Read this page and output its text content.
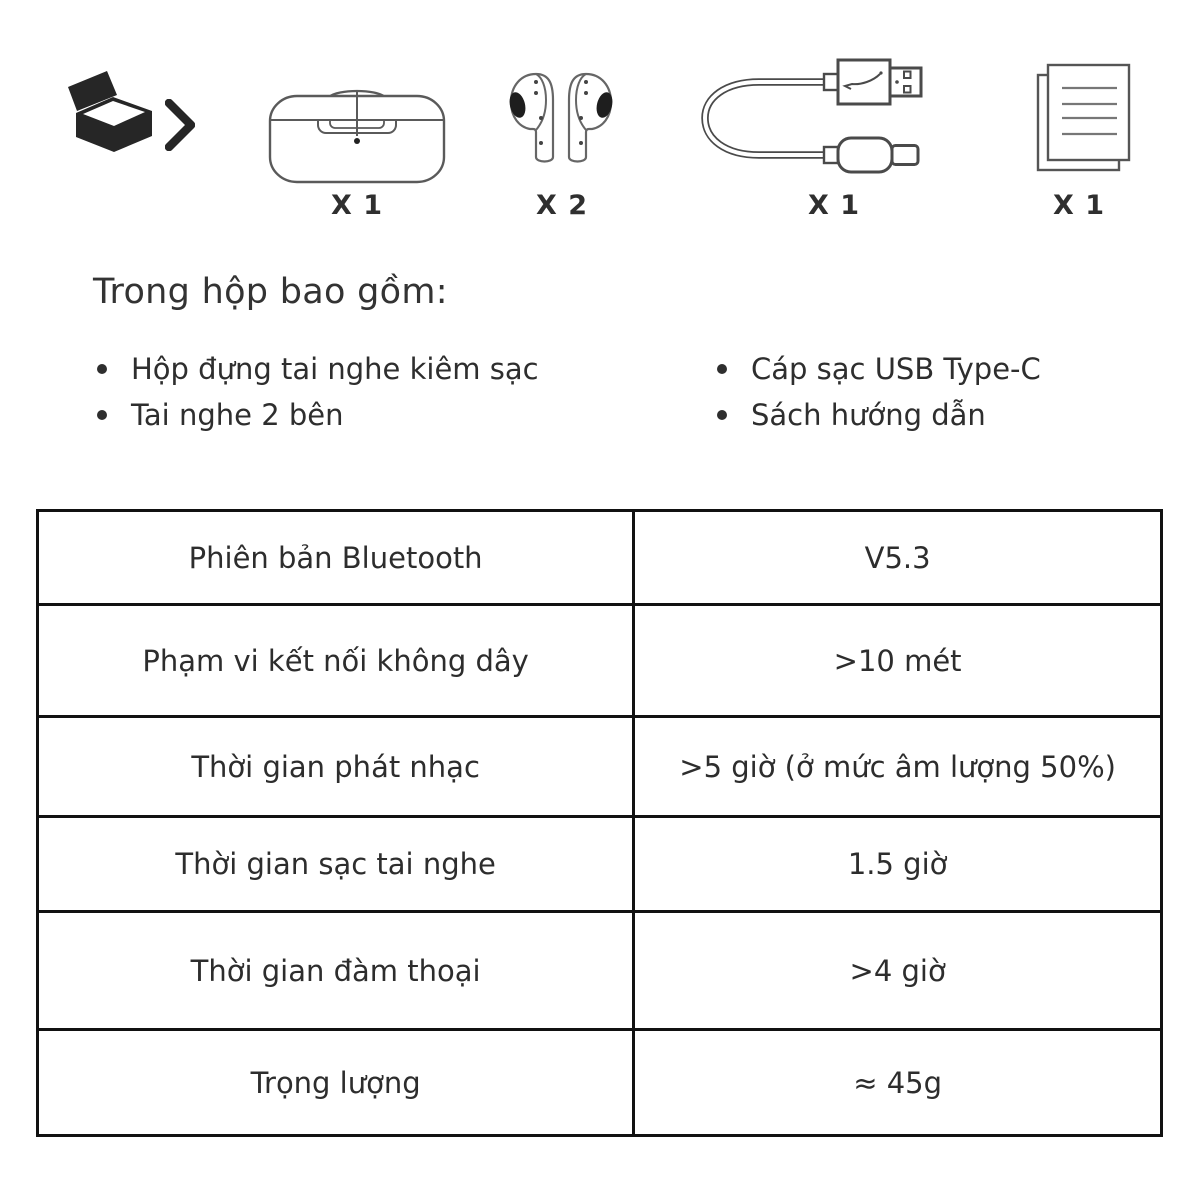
X 1	X 2	X 1	X 1
Trong hộp bao gồm:
Hộp đựng tai nghe kiêm sạc
Tai nghe 2 bên
Cáp sạc USB Type-C
Sách hướng dẫn
Phiên bản Bluetooth	V5.3
Phạm vi kết nối không dây	>10 mét
Thời gian phát nhạc	>5 giờ (ở mức âm lượng 50%)
Thời gian sạc tai nghe	1.5 giờ
Thời gian đàm thoại	>4 giờ
Trọng lượng	≈ 45g
